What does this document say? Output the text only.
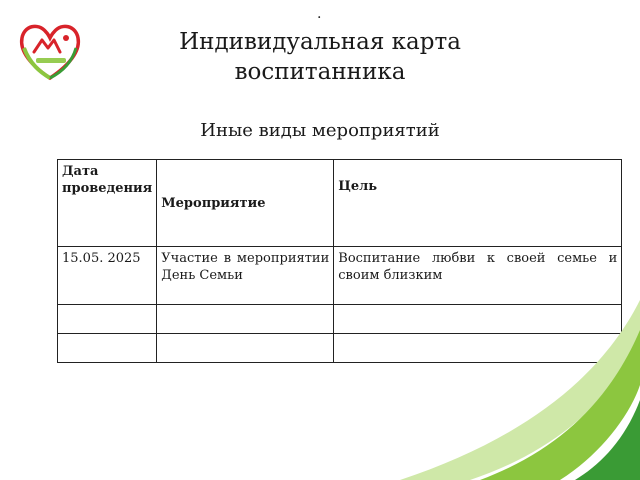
.
Индивидуальная карта
воспитанника
Иные виды мероприятий
Дата проведения	Мероприятие	Цель

15.05. 2025	Участие в мероприятии День Семьи	Воспитание любви к своей семье и своим близким
